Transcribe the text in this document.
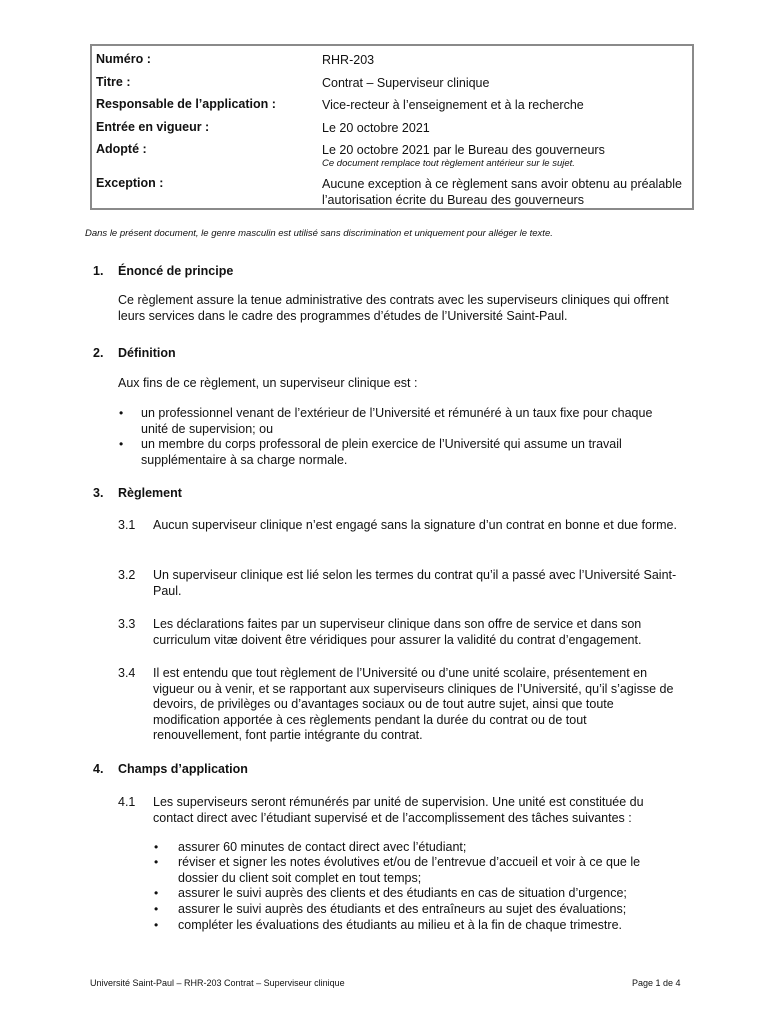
Numéro :	RHR-203
Titre :	Contrat – Superviseur clinique
Responsable de l’application :	Vice-recteur à l’enseignement et à la recherche
Entrée en vigueur :	Le 20 octobre 2021
Adopté :	Le 20 octobre 2021 par le Bureau des gouverneurs
Ce document remplace tout règlement antérieur sur le sujet.
Exception :	Aucune exception à ce règlement sans avoir obtenu au préalable l’autorisation écrite du Bureau des gouverneurs
Dans le présent document, le genre masculin est utilisé sans discrimination et uniquement pour alléger le texte.
1. Énoncé de principe
Ce règlement assure la tenue administrative des contrats avec les superviseurs cliniques qui offrent leurs services dans le cadre des programmes d’études de l’Université Saint-Paul.
2. Définition
Aux fins de ce règlement, un superviseur clinique est :
• un professionnel venant de l’extérieur de l’Université et rémunéré à un taux fixe pour chaque unité de supervision; ou
• un membre du corps professoral de plein exercice de l’Université qui assume un travail supplémentaire à sa charge normale.
3. Règlement
3.1 Aucun superviseur clinique n’est engagé sans la signature d’un contrat en bonne et due forme.
3.2 Un superviseur clinique est lié selon les termes du contrat qu’il a passé avec l’Université Saint-Paul.
3.3 Les déclarations faites par un superviseur clinique dans son offre de service et dans son curriculum vitæ doivent être véridiques pour assurer la validité du contrat d’engagement.
3.4 Il est entendu que tout règlement de l’Université ou d’une unité scolaire, présentement en vigueur ou à venir, et se rapportant aux superviseurs cliniques de l’Université, qu’il s’agisse de devoirs, de privilèges ou d’avantages sociaux ou de tout autre sujet, ainsi que toute modification apportée à ces règlements pendant la durée du contrat ou de tout renouvellement, font partie intégrante du contrat.
4. Champs d’application
4.1 Les superviseurs seront rémunérés par unité de supervision. Une unité est constituée du contact direct avec l’étudiant supervisé et de l’accomplissement des tâches suivantes :
• assurer 60 minutes de contact direct avec l’étudiant;
• réviser et signer les notes évolutives et/ou de l’entrevue d’accueil et voir à ce que le dossier du client soit complet en tout temps;
• assurer le suivi auprès des clients et des étudiants en cas de situation d’urgence;
• assurer le suivi auprès des étudiants et des entraîneurs au sujet des évaluations;
• compléter les évaluations des étudiants au milieu et à la fin de chaque trimestre.
Université Saint-Paul – RHR-203 Contrat – Superviseur clinique	Page 1 de 4
